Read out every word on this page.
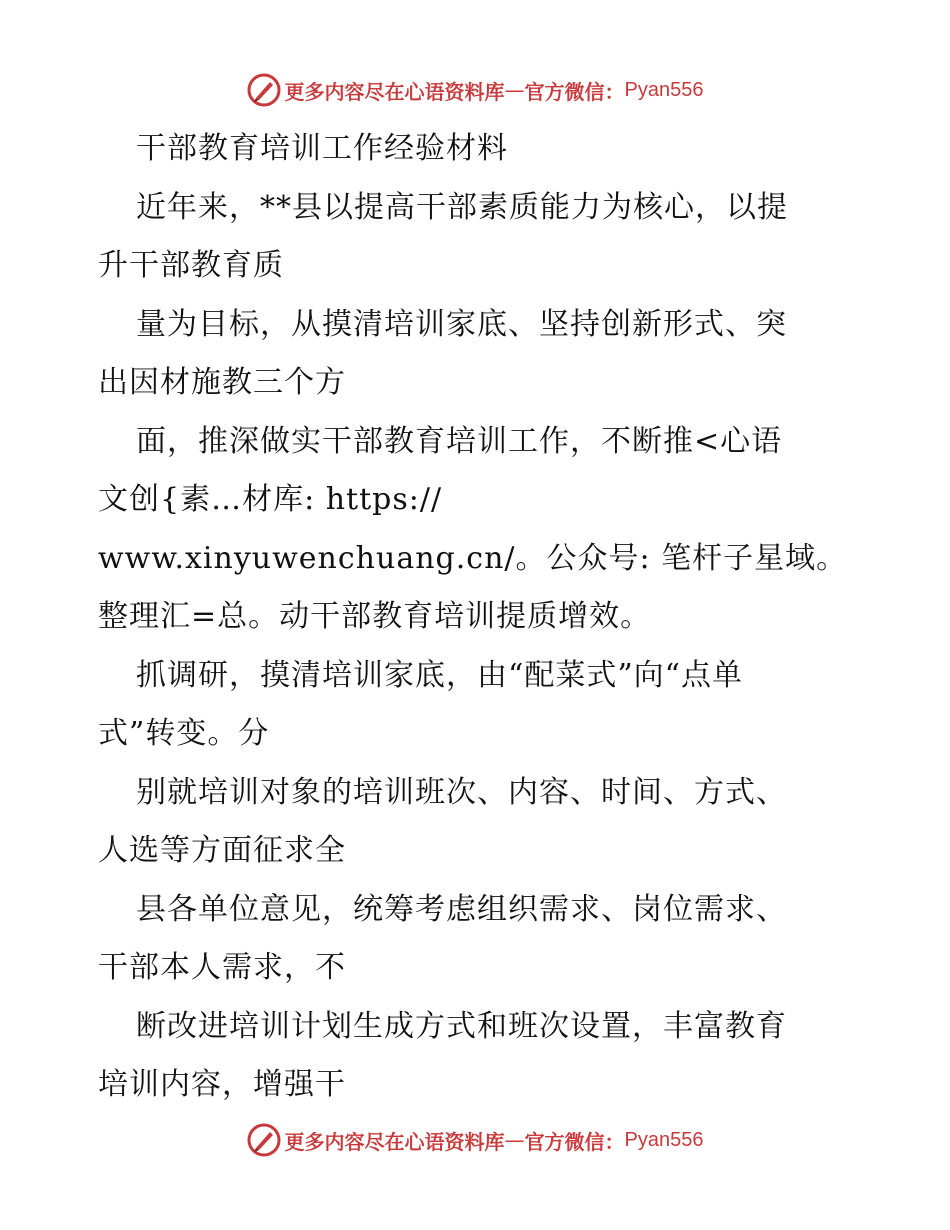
更多内容尽在心语资料库 — 官方微信： Pyan556
干部教育培训工作经验材料
近年来，**县以提高干部素质能力为核心，以提
升干部教育质
量为目标，从摸清培训家底、坚持创新形式、突
出因材施教三个方
面，推深做实干部教育培训工作，不断推<心语
文创{素…材库: https://
www.xinyuwenchuang.cn/。公众号: 笔杆子星域。
整理汇=总。动干部教育培训提质增效。
抓调研，摸清培训家底，由“配菜式”向“点单
式”转变。分
别就培训对象的培训班次、内容、时间、方式、
人选等方面征求全
县各单位意见，统筹考虑组织需求、岗位需求、
干部本人需求，不
断改进培训计划生成方式和班次设置，丰富教育
培训内容，增强干
更多内容尽在心语资料库 — 官方微信： Pyan556
